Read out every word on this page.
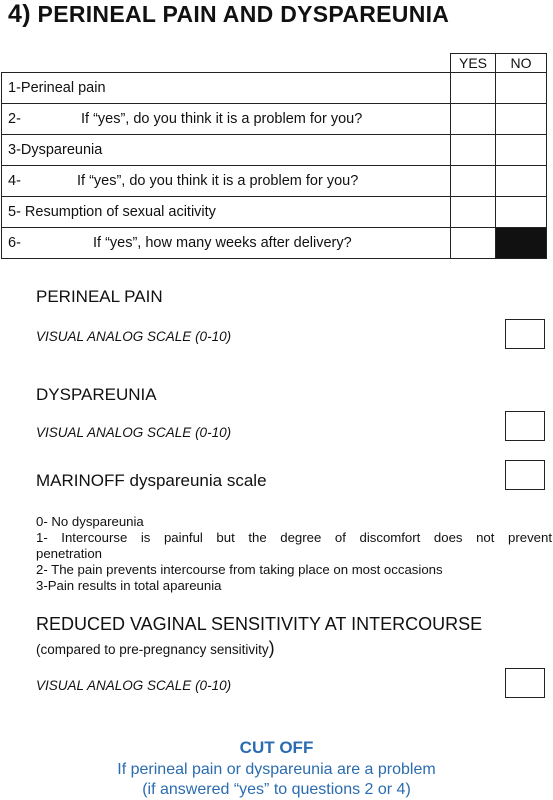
4) PERINEAL PAIN AND DYSPAREUNIA
	YES	NO
1-Perineal pain		

2- If “yes”, do you think it is a problem for you?		

3-Dyspareunia		

4- If “yes”, do you think it is a problem for you?		

5- Resumption of sexual acitivity		

6- If “yes”, how many weeks after delivery?		

PERINEAL PAIN
VISUAL ANALOG SCALE (0-10)
DYSPAREUNIA
VISUAL ANALOG SCALE (0-10)
MARINOFF dyspareunia scale
0- No dyspareunia
1- Intercourse is painful but the degree of discomfort does not prevent
penetration
2- The pain prevents intercourse from taking place on most occasions
3-Pain results in total apareunia
REDUCED VAGINAL SENSITIVITY AT INTERCOURSE
(compared to pre-pregnancy sensitivity)
VISUAL ANALOG SCALE (0-10)
CUT OFF
If perineal pain or dyspareunia are a problem
(if answered “yes” to questions 2 or 4)
